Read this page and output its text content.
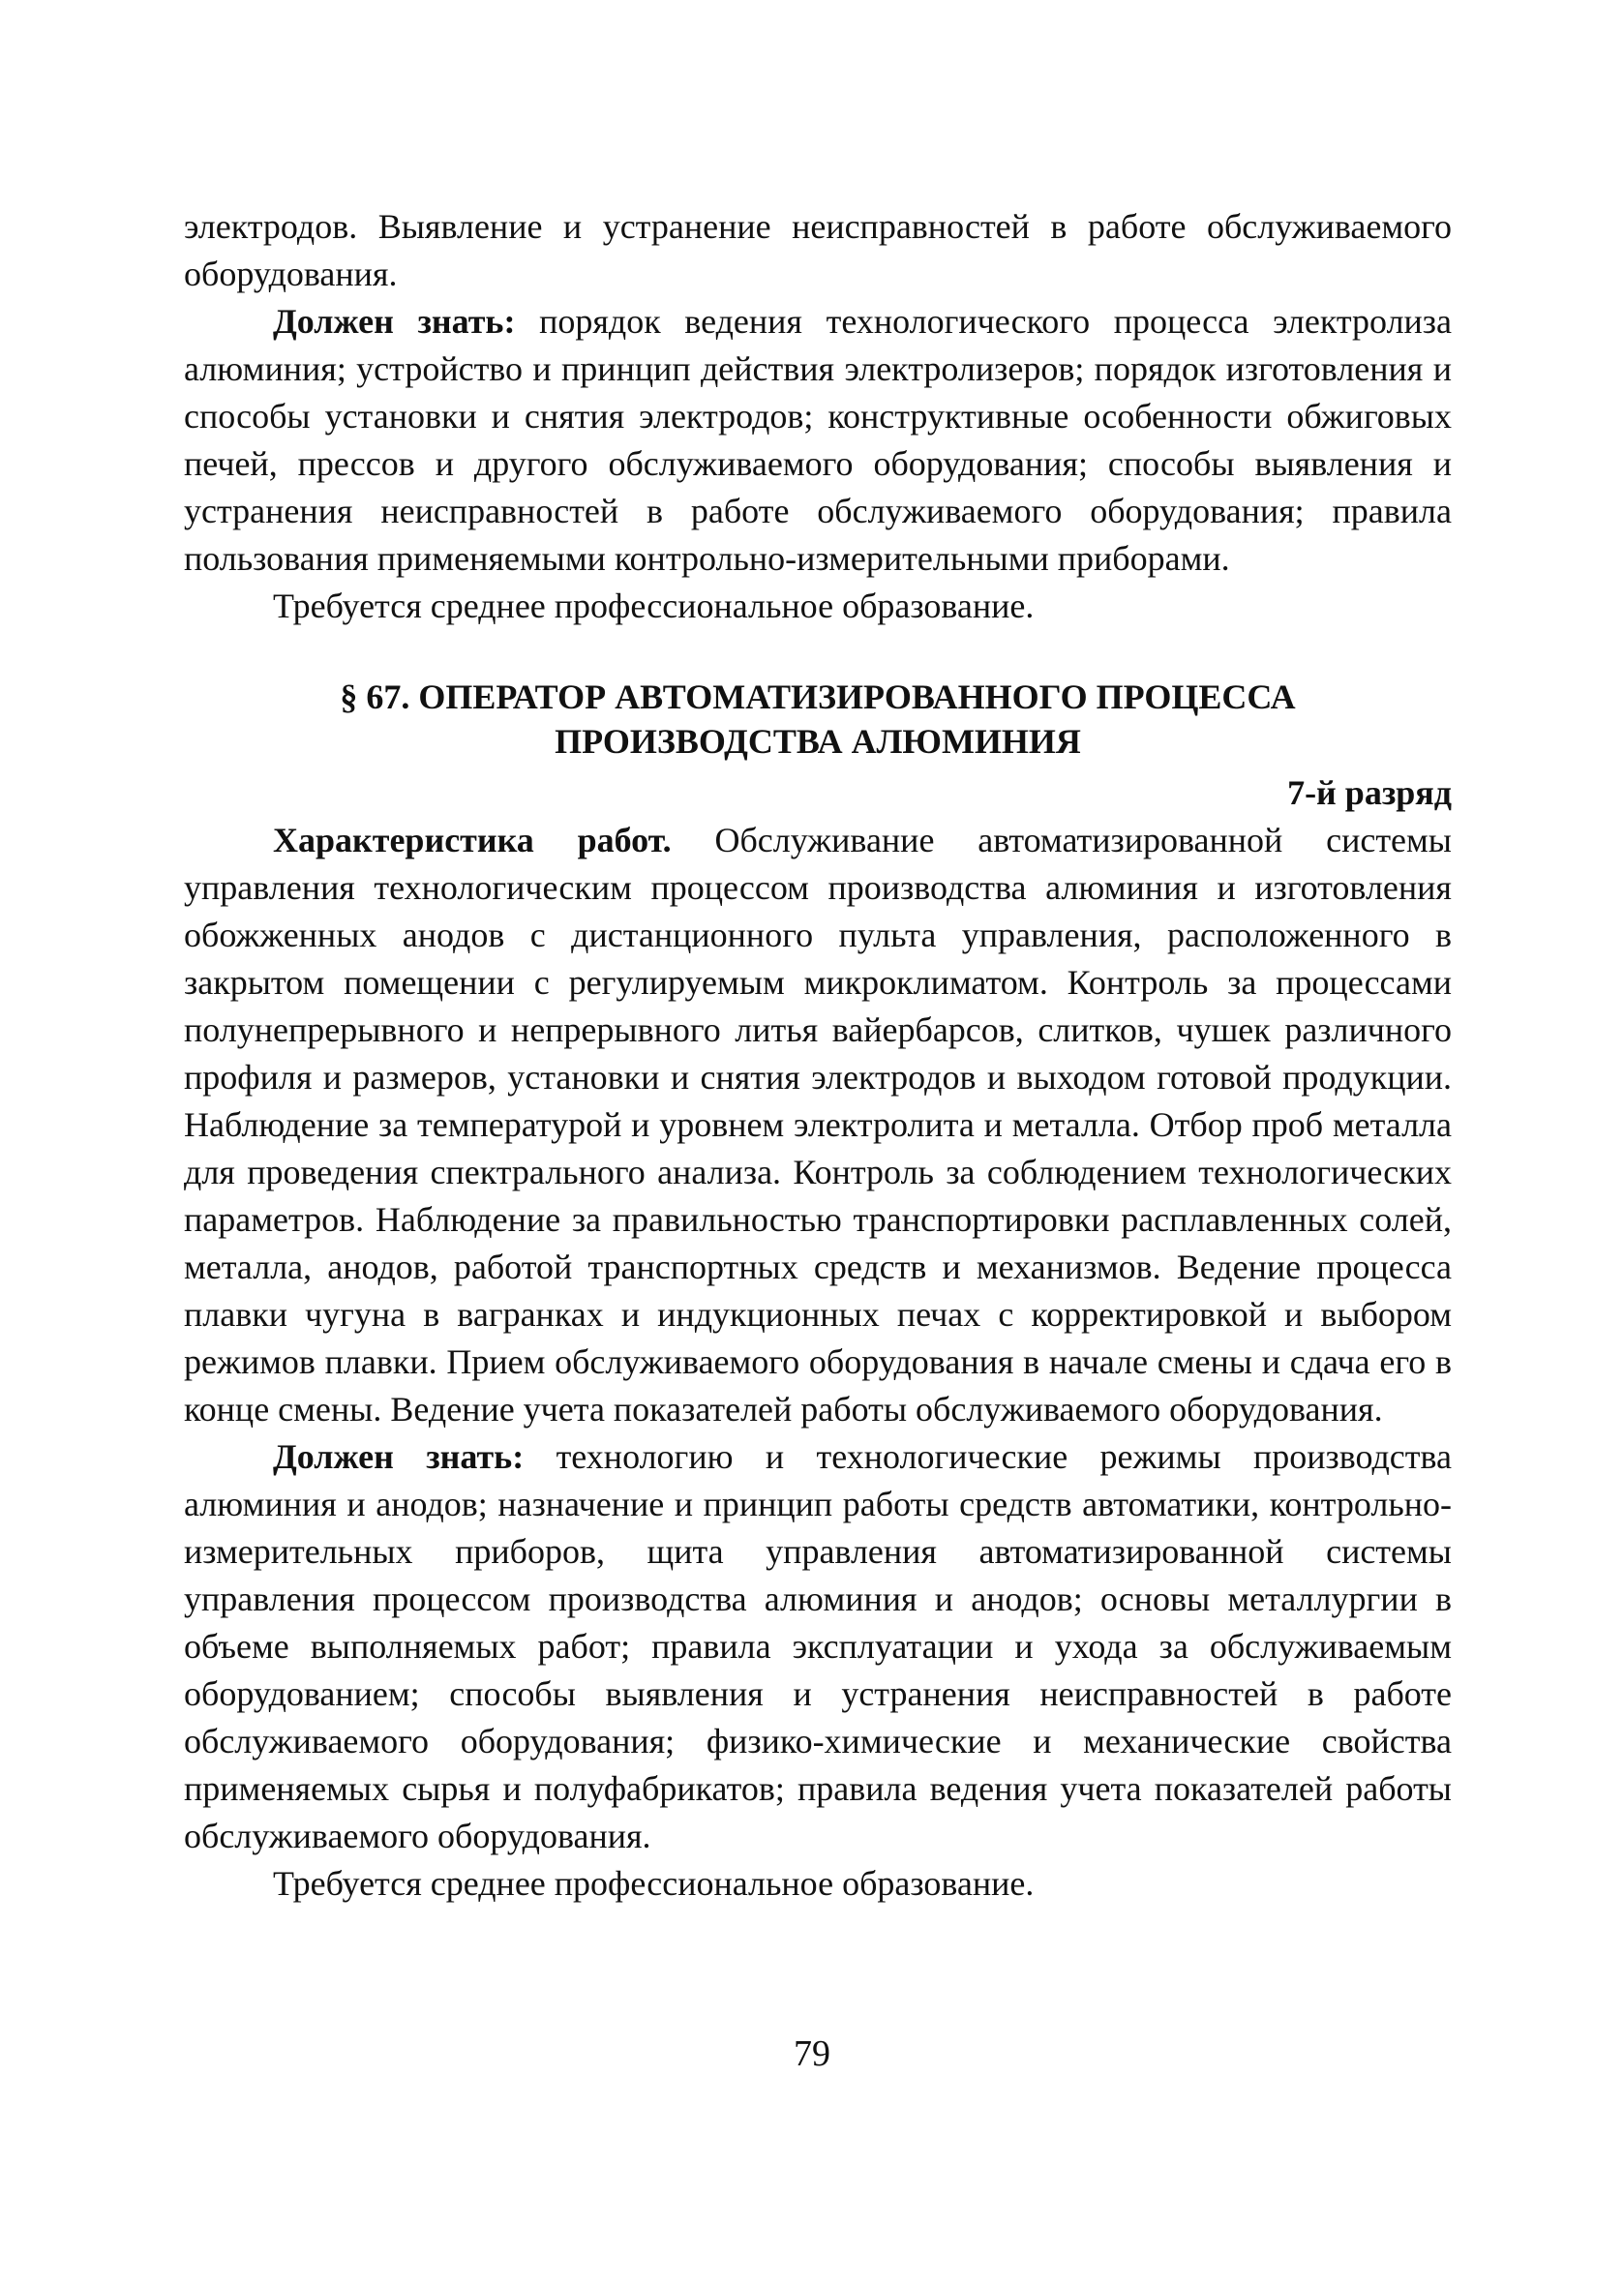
электродов. Выявление и устранение неисправностей в работе обслуживаемого оборудования.

Должен знать: порядок ведения технологического процесса электролиза алюминия; устройство и принцип действия электролизеров; порядок изготовления и способы установки и снятия электродов; конструктивные особенности обжиговых печей, прессов и другого обслуживаемого оборудования; способы выявления и устранения неисправностей в работе обслуживаемого оборудования; правила пользования применяемыми контрольно-измерительными приборами.

Требуется среднее профессиональное образование.

§ 67. ОПЕРАТОР АВТОМАТИЗИРОВАННОГО ПРОЦЕССА
ПРОИЗВОДСТВА АЛЮМИНИЯ

7-й разряд

Характеристика работ. Обслуживание автоматизированной системы управления технологическим процессом производства алюминия и изготовления обожженных анодов с дистанционного пульта управления, расположенного в закрытом помещении с регулируемым микроклиматом. Контроль за процессами полунепрерывного и непрерывного литья вайербарсов, слитков, чушек различного профиля и размеров, установки и снятия электродов и выходом готовой продукции. Наблюдение за температурой и уровнем электролита и металла. Отбор проб металла для проведения спектрального анализа. Контроль за соблюдением технологических параметров. Наблюдение за правильностью транспортировки расплавленных солей, металла, анодов, работой транспортных средств и механизмов. Ведение процесса плавки чугуна в вагранках и индукционных печах с корректировкой и выбором режимов плавки. Прием обслуживаемого оборудования в начале смены и сдача его в конце смены. Ведение учета показателей работы обслуживаемого оборудования.

Должен знать: технологию и технологические режимы производства алюминия и анодов; назначение и принцип работы средств автоматики, контрольно-измерительных приборов, щита управления автоматизированной системы управления процессом производства алюминия и анодов; основы металлургии в объеме выполняемых работ; правила эксплуатации и ухода за обслуживаемым оборудованием; способы выявления и устранения неисправностей в работе обслуживаемого оборудования; физико-химические и механические свойства применяемых сырья и полуфабрикатов; правила ведения учета показателей работы обслуживаемого оборудования.

Требуется среднее профессиональное образование.

79
